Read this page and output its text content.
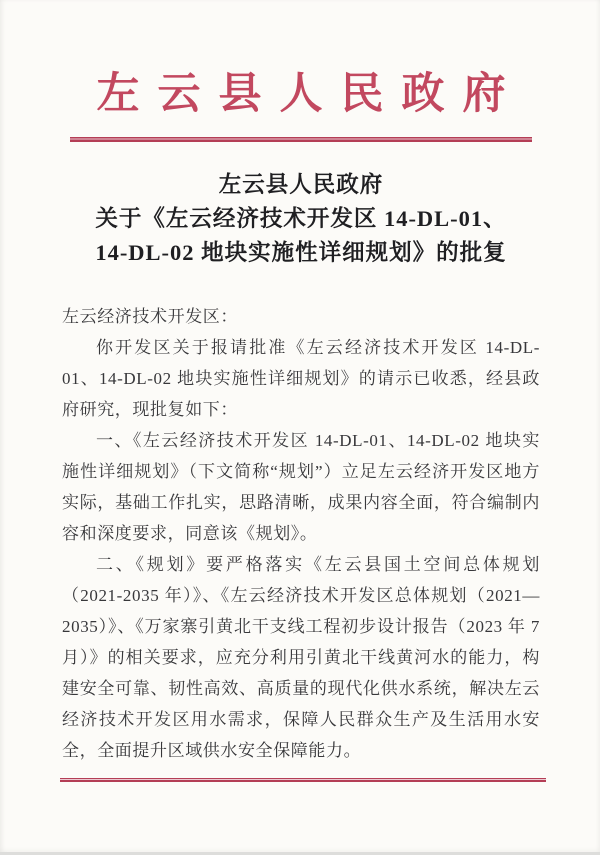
左云县人民政府
左云县人民政府
关于《左云经济技术开发区 14-DL-01、
14-DL-02 地块实施性详细规划》的批复

左云经济技术开发区：

你开发区关于报请批准《左云经济技术开发区 14-DL-01、14-DL-02 地块实施性详细规划》的请示已收悉，经县政府研究，现批复如下：

一、《左云经济技术开发区 14-DL-01、14-DL-02 地块实施性详细规划》（下文简称“规划”）立足左云经济开发区地方实际，基础工作扎实，思路清晰，成果内容全面，符合编制内容和深度要求，同意该《规划》。

二、《规划》要严格落实《左云县国土空间总体规划（2021-2035 年）》、《左云经济技术开发区总体规划（2021—2035）》、《万家寨引黄北干支线工程初步设计报告（2023 年 7 月）》的相关要求，应充分利用引黄北干线黄河水的能力，构建安全可靠、韧性高效、高质量的现代化供水系统，解决左云经济技术开发区用水需求，保障人民群众生产及生活用水安全，全面提升区域供水安全保障能力。
